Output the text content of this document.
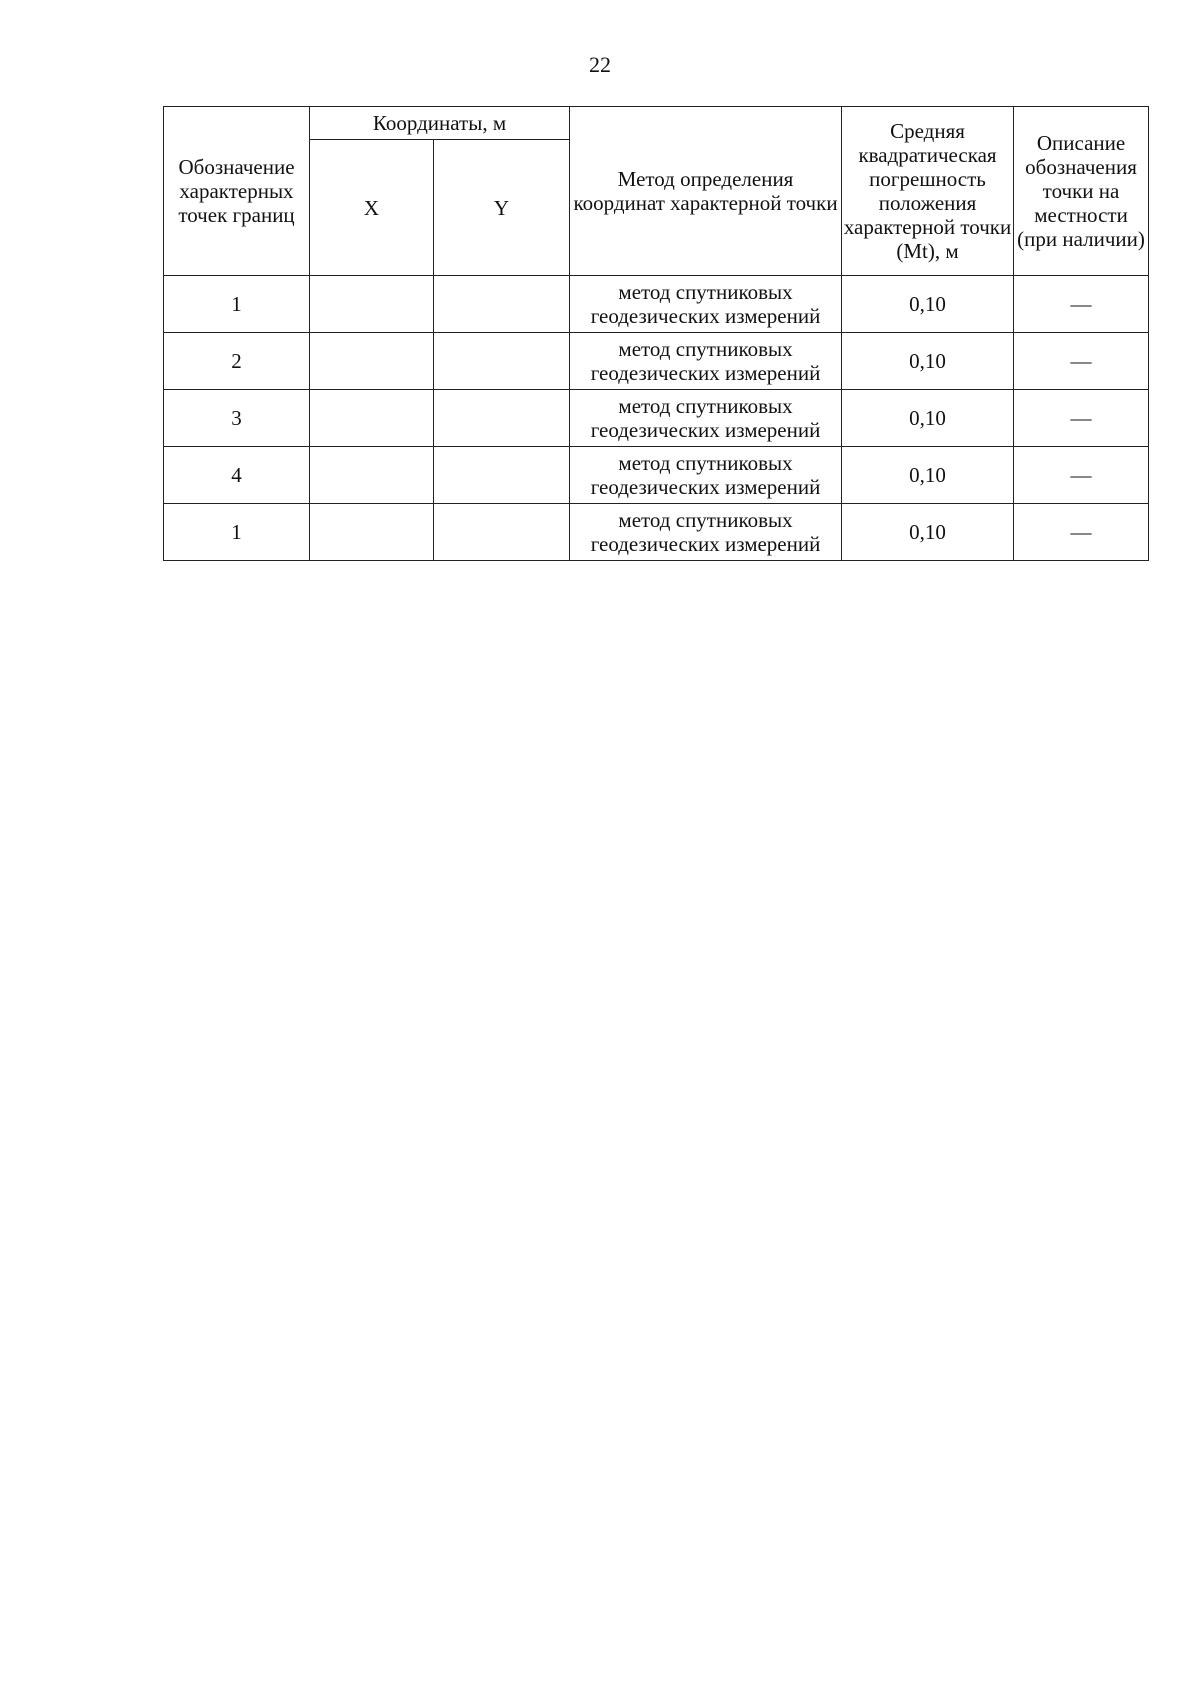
22
Обозначение характерных точек границ	Координаты, м		Метод определения координат характерной точки	Средняя квадратическая погрешность положения характерной точки (Mt), м	Описание обозначения точки на местности (при наличии)
	X	Y			
1			метод спутниковых геодезических измерений	0,10	—
2			метод спутниковых геодезических измерений	0,10	—
3			метод спутниковых геодезических измерений	0,10	—
4			метод спутниковых геодезических измерений	0,10	—
1			метод спутниковых геодезических измерений	0,10	—
